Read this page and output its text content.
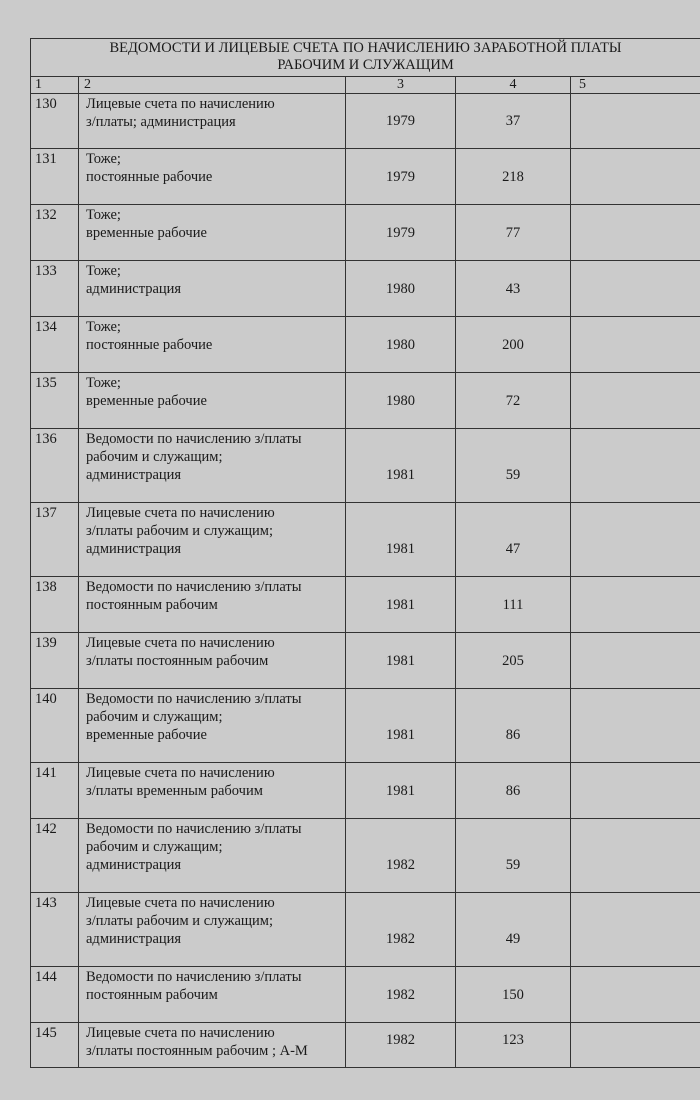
ВЕДОМОСТИ И ЛИЦЕВЫЕ СЧЕТА ПО НАЧИСЛЕНИЮ ЗАРАБОТНОЙ ПЛАТЫ
РАБОЧИМ И СЛУЖАЩИМ				

1	2	3	4	5
130	Лицевые счета по начислению
з/платы; администрация	1979	37	
131	Тоже;
постоянные рабочие	1979	218	
132	Тоже;
временные рабочие	1979	77	
133	Тоже;
администрация	1980	43	
134	Тоже;
постоянные рабочие	1980	200	
135	Тоже;
временные рабочие	1980	72	
136	Ведомости по начислению з/платы
рабочим и служащим;
администрация	1981	59	
137	Лицевые счета по начислению
з/платы рабочим и служащим;
администрация	1981	47	
138	Ведомости по начислению з/платы
постоянным рабочим	1981	111	
139	Лицевые счета по начислению
з/платы постоянным рабочим	1981	205	
140	Ведомости по начислению з/платы
рабочим и служащим;
временные рабочие	1981	86	
141	Лицевые счета по начислению
з/платы временным рабочим	1981	86	
142	Ведомости по начислению з/платы
рабочим и служащим;
администрация	1982	59	
143	Лицевые счета по начислению
з/платы рабочим и служащим;
администрация	1982	49	
144	Ведомости по начислению з/платы
постоянным рабочим	1982	150	
145	Лицевые счета по начислению
з/платы постоянным рабочим ; А-М	1982	123	
